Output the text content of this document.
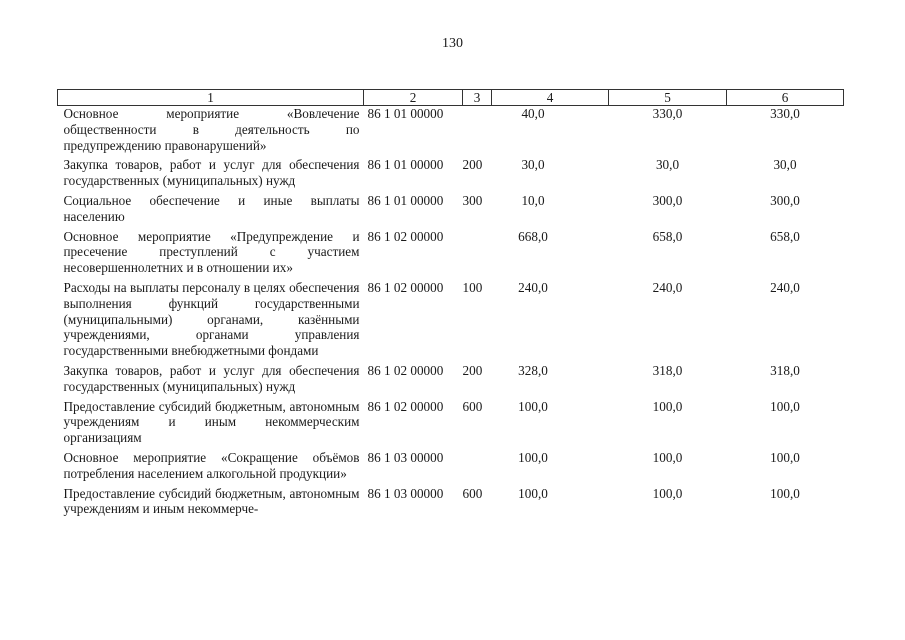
130
1	2	3	4	5	6
Основное мероприятие «Вовлечение общественности в деятельность по предупреждению правонарушений»	86 1 01 00000		40,0	330,0	330,0
Закупка товаров, работ и услуг для обеспечения государственных (муниципальных) нужд	86 1 01 00000	200	30,0	30,0	30,0
Социальное обеспечение и иные выплаты населению	86 1 01 00000	300	10,0	300,0	300,0
Основное мероприятие «Предупреждение и пресечение преступлений с участием несовершеннолетних и в отношении их»	86 1 02 00000		668,0	658,0	658,0
Расходы на выплаты персоналу в целях обеспечения выполнения функций государственными (муниципальными) органами, казёнными учреждениями, органами управления государственными внебюджетными фондами	86 1 02 00000	100	240,0	240,0	240,0
Закупка товаров, работ и услуг для обеспечения государственных (муниципальных) нужд	86 1 02 00000	200	328,0	318,0	318,0
Предоставление субсидий бюджетным, автономным учреждениям и иным некоммерческим организациям	86 1 02 00000	600	100,0	100,0	100,0
Основное мероприятие «Сокращение объёмов потребления населением алкогольной продукции»	86 1 03 00000		100,0	100,0	100,0
Предоставление субсидий бюджетным, автономным учреждениям и иным некоммерче-	86 1 03 00000	600	100,0	100,0	100,0
